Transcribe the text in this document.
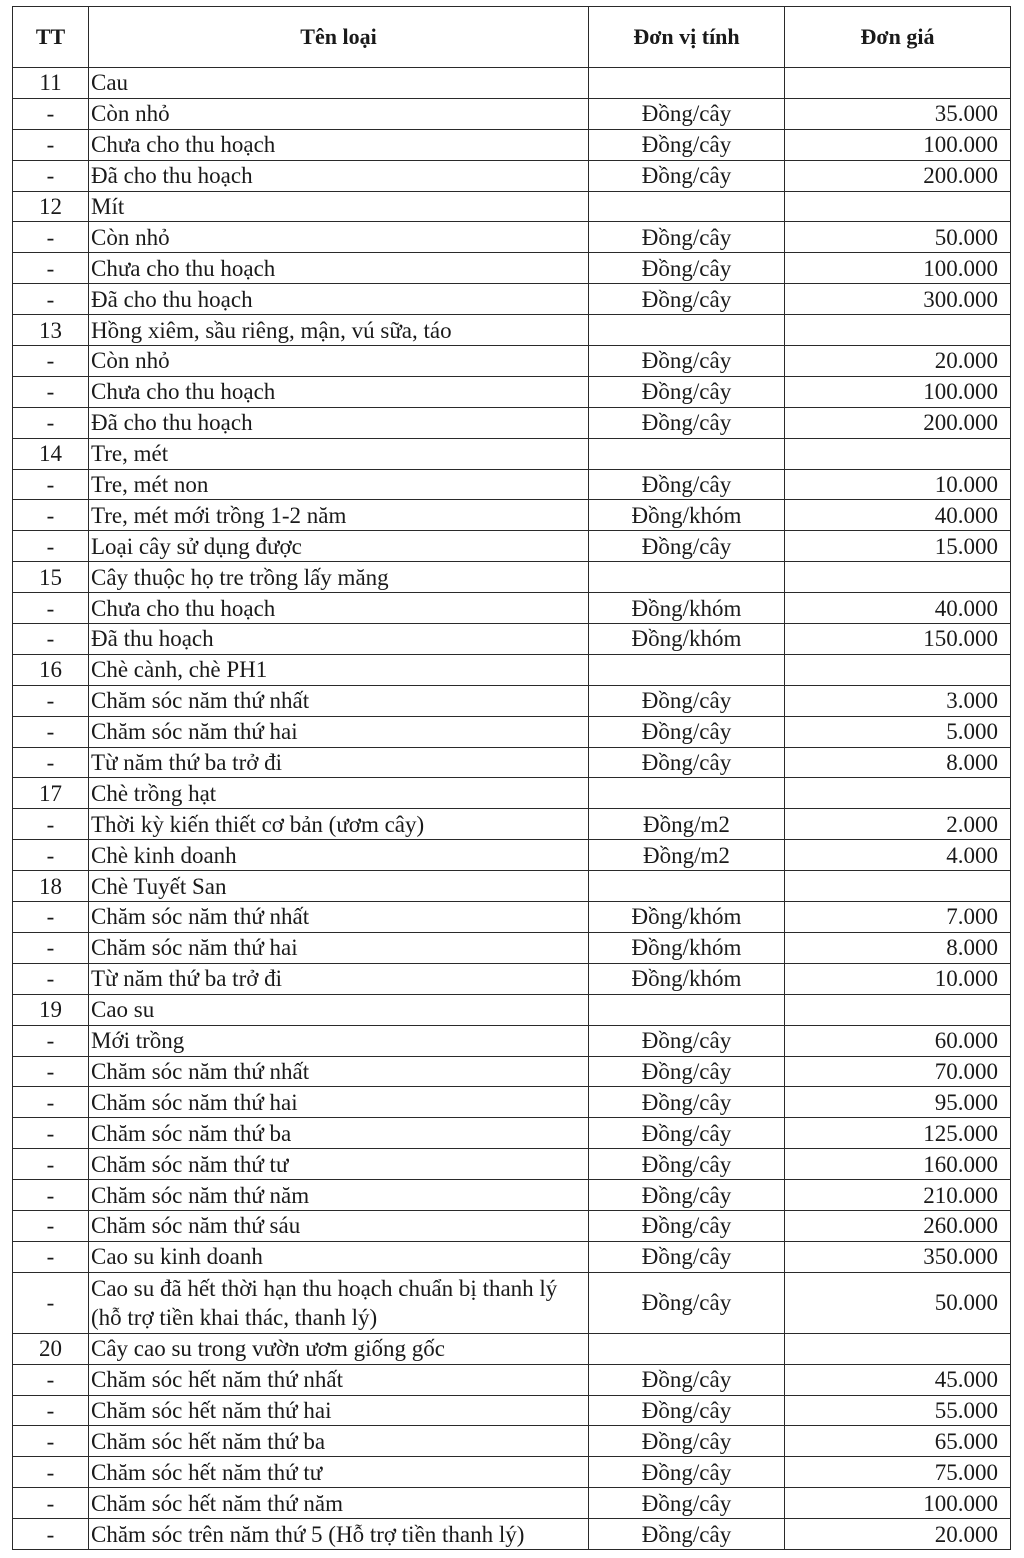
TT	Tên loại	Đơn vị tính	Đơn giá
11	Cau		
-	Còn nhỏ	Đồng/cây	35.000
-	Chưa cho thu hoạch	Đồng/cây	100.000
-	Đã cho thu hoạch	Đồng/cây	200.000
12	Mít		
-	Còn nhỏ	Đồng/cây	50.000
-	Chưa cho thu hoạch	Đồng/cây	100.000
-	Đã cho thu hoạch	Đồng/cây	300.000
13	Hồng xiêm, sầu riêng, mận, vú sữa, táo		
-	Còn nhỏ	Đồng/cây	20.000
-	Chưa cho thu hoạch	Đồng/cây	100.000
-	Đã cho thu hoạch	Đồng/cây	200.000
14	Tre, mét		
-	Tre, mét non	Đồng/cây	10.000
-	Tre, mét mới trồng 1-2 năm	Đồng/khóm	40.000
-	Loại cây sử dụng được	Đồng/cây	15.000
15	Cây thuộc họ tre trồng lấy măng		
-	Chưa cho thu hoạch	Đồng/khóm	40.000
-	Đã thu hoạch	Đồng/khóm	150.000
16	Chè cành, chè PH1		
-	Chăm sóc năm thứ nhất	Đồng/cây	3.000
-	Chăm sóc năm thứ hai	Đồng/cây	5.000
-	Từ năm thứ ba trở đi	Đồng/cây	8.000
17	Chè trồng hạt		
-	Thời kỳ kiến thiết cơ bản (ươm cây)	Đồng/m2	2.000
-	Chè kinh doanh	Đồng/m2	4.000
18	Chè Tuyết San		
-	Chăm sóc năm thứ nhất	Đồng/khóm	7.000
-	Chăm sóc năm thứ hai	Đồng/khóm	8.000
-	Từ năm thứ ba trở đi	Đồng/khóm	10.000
19	Cao su		
-	Mới trồng	Đồng/cây	60.000
-	Chăm sóc năm thứ nhất	Đồng/cây	70.000
-	Chăm sóc năm thứ hai	Đồng/cây	95.000
-	Chăm sóc năm thứ ba	Đồng/cây	125.000
-	Chăm sóc năm thứ tư	Đồng/cây	160.000
-	Chăm sóc năm thứ năm	Đồng/cây	210.000
-	Chăm sóc năm thứ sáu	Đồng/cây	260.000
-	Cao su kinh doanh	Đồng/cây	350.000
-	Cao su đã hết thời hạn thu hoạch chuẩn bị thanh lý (hỗ trợ tiền khai thác, thanh lý)	Đồng/cây	50.000
20	Cây cao su trong vườn ươm giống gốc		
-	Chăm sóc hết năm thứ nhất	Đồng/cây	45.000
-	Chăm sóc hết năm thứ hai	Đồng/cây	55.000
-	Chăm sóc hết năm thứ ba	Đồng/cây	65.000
-	Chăm sóc hết năm thứ tư	Đồng/cây	75.000
-	Chăm sóc hết năm thứ năm	Đồng/cây	100.000
-	Chăm sóc trên năm thứ 5 (Hỗ trợ tiền thanh lý)	Đồng/cây	20.000
